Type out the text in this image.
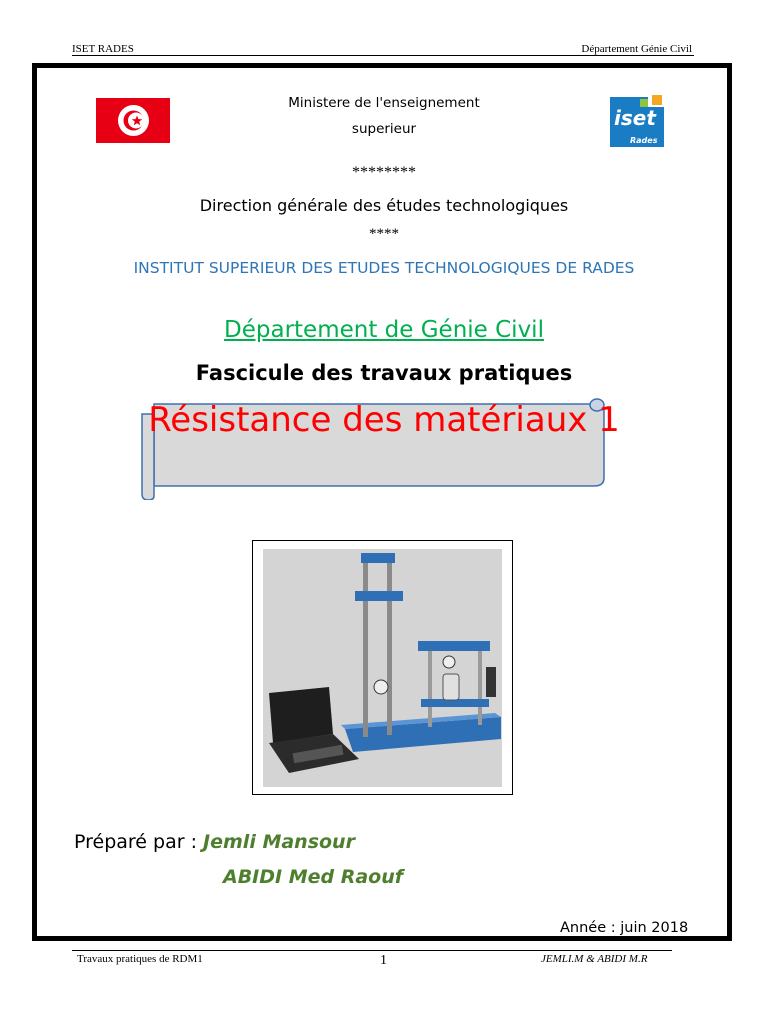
ISET RADES	Département Génie Civil
iset
Rades
Ministere de l'enseignement
superieur
********
Direction générale des études technologiques
****
INSTITUT SUPERIEUR DES ETUDES TECHNOLOGIQUES DE RADES
Département de Génie Civil
Fascicule des travaux pratiques
Résistance des matériaux 1
Préparé par : Jemli Mansour
ABIDI Med Raouf
Année : juin 2018
Travaux pratiques de RDM1	1	JEMLI.M & ABIDI M.R
